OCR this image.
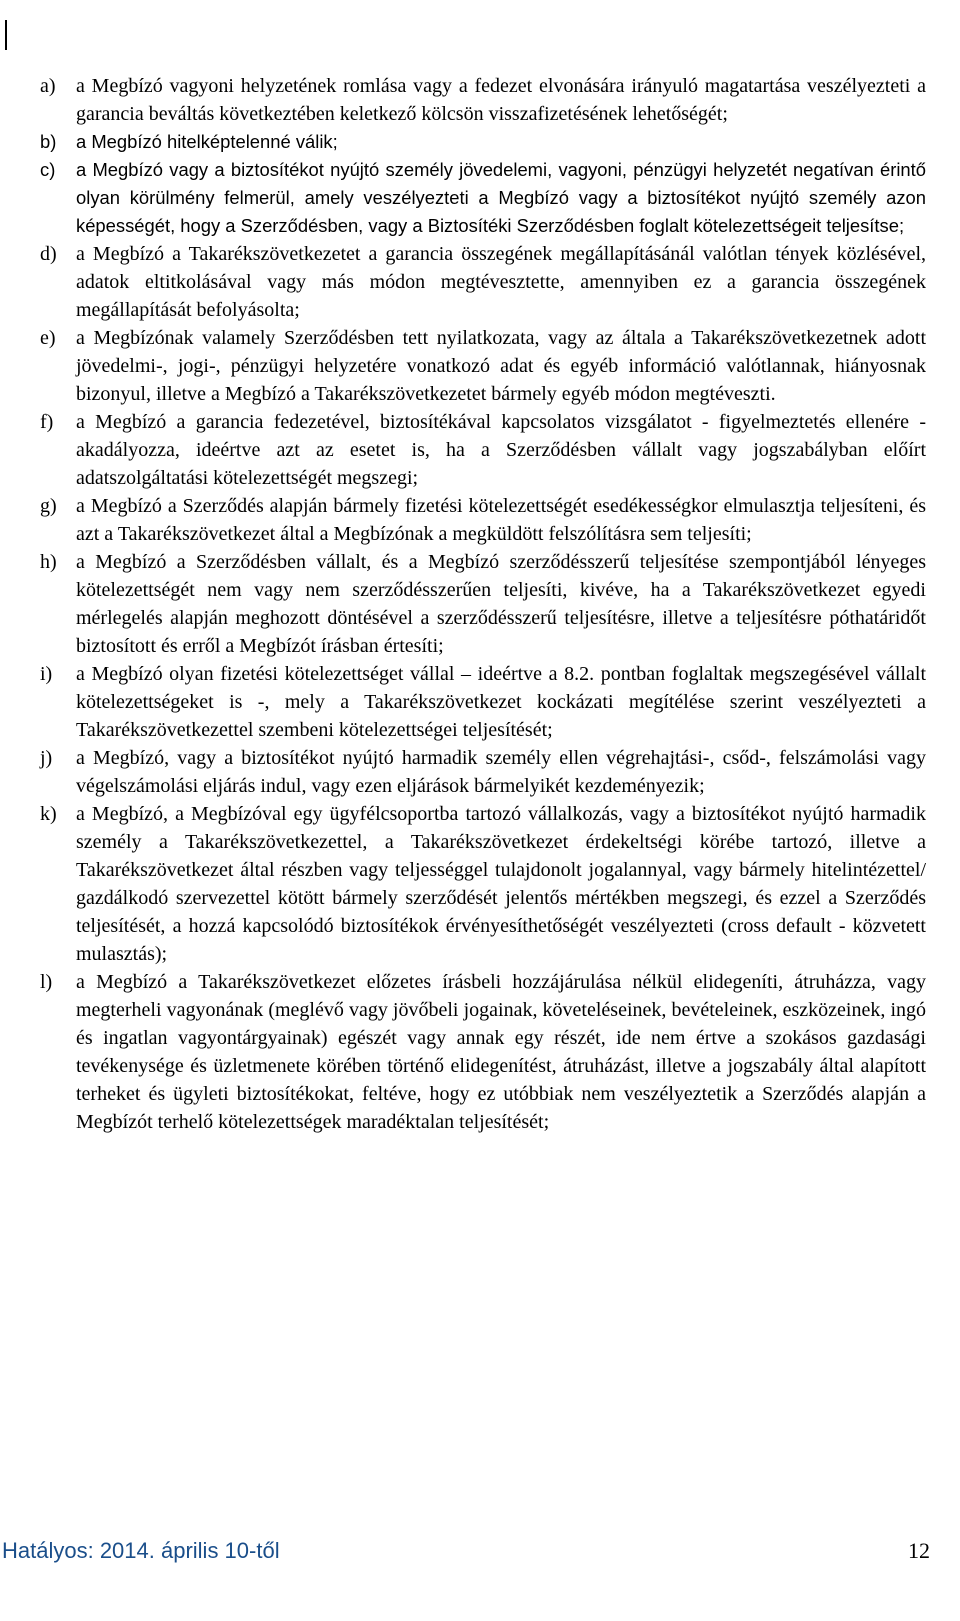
a)	a Megbízó vagyoni helyzetének romlása vagy a fedezet elvonására irányuló magatartása veszélyezteti a garancia beváltás következtében keletkező kölcsön visszafizetésének lehetőségét;
b)	a Megbízó hitelképtelenné válik;
c)	a Megbízó vagy a biztosítékot nyújtó személy jövedelemi, vagyoni, pénzügyi helyzetét negatívan érintő olyan körülmény felmerül, amely veszélyezteti a Megbízó vagy a biztosítékot nyújtó személy azon képességét, hogy a Szerződésben, vagy a Biztosítéki Szerződésben foglalt kötelezettségeit teljesítse;
d) a Megbízó a Takarékszövetkezetet a garancia összegének megállapításánál valótlan tények közlésével, adatok eltitkolásával vagy más módon megtévesztette, amennyiben ez a garancia összegének megállapítását befolyásolta;
e)	a Megbízónak valamely Szerződésben tett nyilatkozata, vagy az általa a Takarékszövetkezetnek adott jövedelmi-, jogi-, pénzügyi helyzetére vonatkozó adat és egyéb információ valótlannak, hiányosnak bizonyul, illetve a Megbízó a Takarékszövetkezetet bármely egyéb módon megtéveszti.
f)	a Megbízó a garancia fedezetével, biztosítékával kapcsolatos vizsgálatot - figyelmeztetés ellenére - akadályozza, ideértve azt az esetet is, ha a Szerződésben vállalt vagy jogszabályban előírt adatszolgáltatási kötelezettségét megszegi;
g) a Megbízó a Szerződés alapján bármely fizetési kötelezettségét esedékességkor elmulasztja teljesíteni, és azt a Takarékszövetkezet által a Megbízónak a megküldött felszólításra sem teljesíti;
h) a Megbízó a Szerződésben vállalt, és a Megbízó szerződésszerű teljesítése szempontjából lényeges kötelezettségét nem vagy nem szerződésszerűen teljesíti, kivéve, ha a Takarékszövetkezet egyedi mérlegelés alapján meghozott döntésével a szerződésszerű teljesítésre, illetve a teljesítésre póthatáridőt biztosított és erről a Megbízót írásban értesíti;
i)	a Megbízó olyan fizetési kötelezettséget vállal – ideértve a 8.2. pontban foglaltak megszegésével vállalt kötelezettségeket is -, mely a Takarékszövetkezet kockázati megítélése szerint veszélyezteti a Takarékszövetkezettel szembeni kötelezettségei teljesítését;
j)	a Megbízó, vagy a biztosítékot nyújtó harmadik személy ellen végrehajtási-, csőd-, felszámolási vagy végelszámolási eljárás indul, vagy ezen eljárások bármelyikét kezdeményezik;
k) a Megbízó, a Megbízóval egy ügyfélcsoportba tartozó vállalkozás, vagy a biztosítékot nyújtó harmadik személy a Takarékszövetkezettel, a Takarékszövetkezet érdekeltségi körébe tartozó, illetve a Takarékszövetkezet által részben vagy teljességgel tulajdonolt jogalannyal, vagy bármely hitelintézettel/ gazdálkodó szervezettel kötött bármely szerződését jelentős mértékben megszegi, és ezzel a Szerződés teljesítését, a hozzá kapcsolódó biztosítékok érvényesíthetőségét veszélyezteti (cross default - közvetett mulasztás);
l)	a Megbízó a Takarékszövetkezet előzetes írásbeli hozzájárulása nélkül elidegeníti, átruházza, vagy megterheli vagyonának (meglévő vagy jövőbeli jogainak, követeléseinek, bevételeinek, eszközeinek, ingó és ingatlan vagyontárgyainak) egészét vagy annak egy részét, ide nem értve a szokásos gazdasági tevékenysége és üzletmenete körében történő elidegenítést, átruházást, illetve a jogszabály által alapított terheket és ügyleti biztosítékokat, feltéve, hogy ez utóbbiak nem veszélyeztetik a Szerződés alapján a Megbízót terhelő kötelezettségek maradéktalan teljesítését;
Hatályos: 2014. április 10-től	12
